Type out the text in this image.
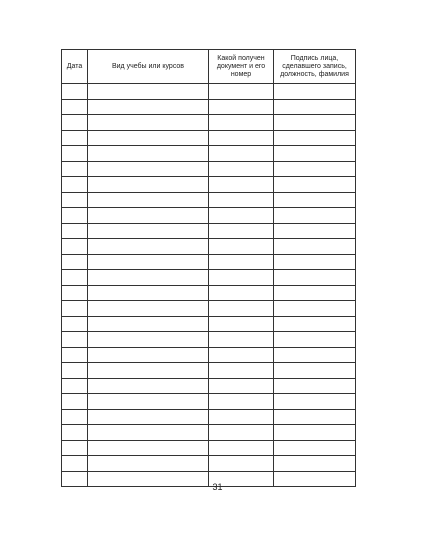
Дата	Вид учебы или курсов	Какой получен документ и его номер	Подпись лица, сделавшего запись, должность, фамилия

31
